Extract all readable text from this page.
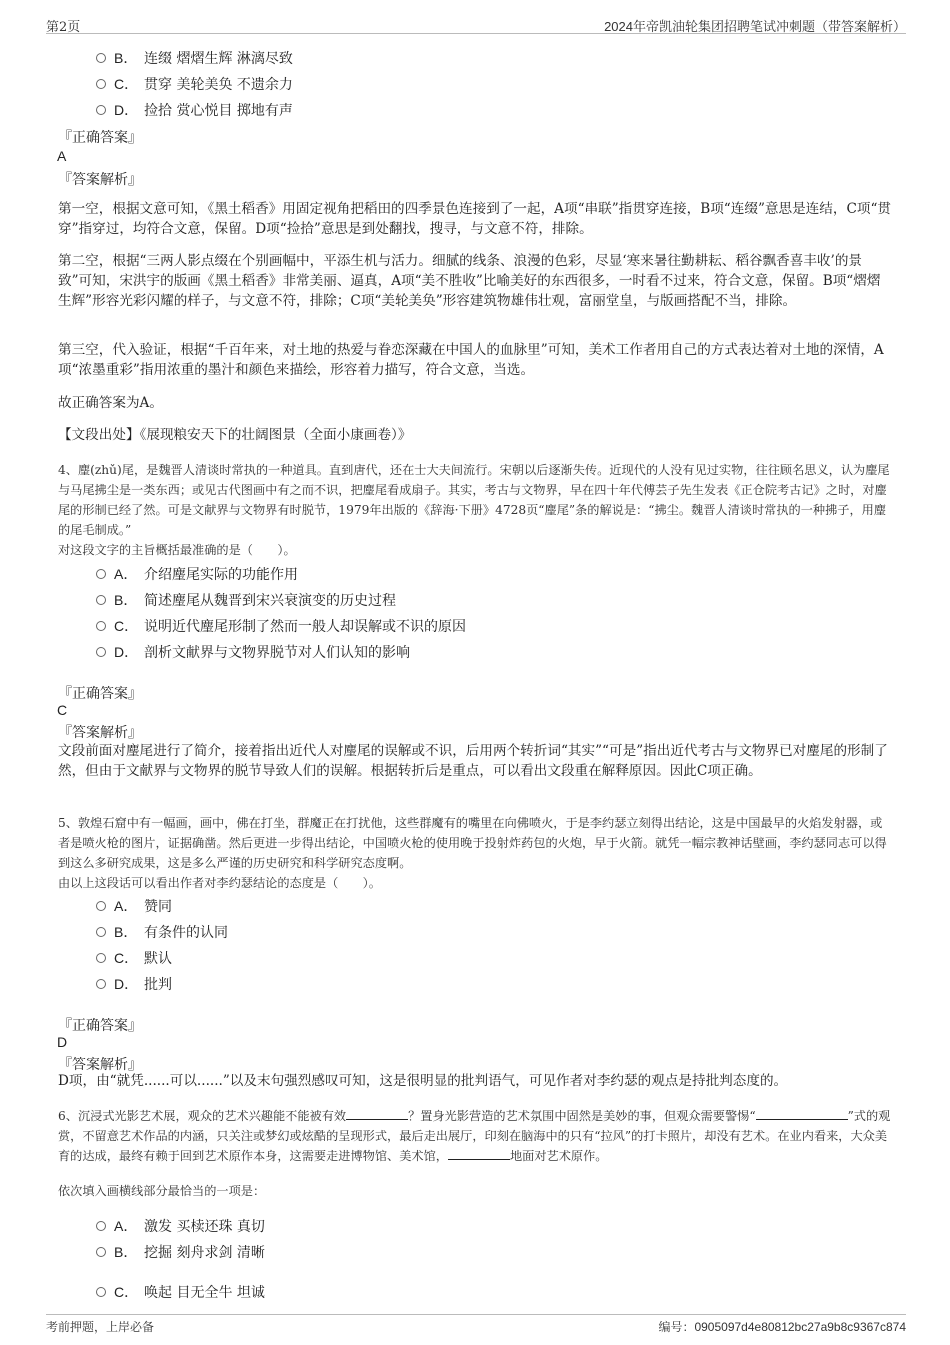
第2页	2024年帝凯油轮集团招聘笔试冲刺题（带答案解析）
B． 连缀 熠熠生辉 淋漓尽致
C． 贯穿 美轮美奂 不遗余力
D． 捡拾 赏心悦目 掷地有声
『正确答案』
A
『答案解析』
第一空，根据文意可知，《黑土稻香》用固定视角把稻田的四季景色连接到了一起，A项“串联”指贯穿连接，B项“连缀”意思是连结，C项“贯穿”指穿过，均符合文意，保留。D项“捡拾”意思是到处翻找，搜寻，与文意不符，排除。
第二空，根据“三两人影点缀在个别画幅中，平添生机与活力。细腻的线条、浪漫的色彩，尽显‘寒来暑往勤耕耘、稻谷飘香喜丰收’的景致”可知，宋洪宇的版画《黑土稻香》非常美丽、逼真，A项“美不胜收”比喻美好的东西很多，一时看不过来，符合文意，保留。B项“熠熠生辉”形容光彩闪耀的样子，与文意不符，排除；C项“美轮美奂”形容建筑物雄伟壮观，富丽堂皇，与版画搭配不当，排除。
第三空，代入验证，根据“千百年来，对土地的热爱与眷恋深藏在中国人的血脉里”可知，美术工作者用自己的方式表达着对土地的深情，A项“浓墨重彩”指用浓重的墨汁和颜色来描绘，形容着力描写，符合文意，当选。
故正确答案为A。
【文段出处】《展现粮安天下的壮阔图景（全面小康画卷）》
4、麈(zhǔ)尾，是魏晋人清谈时常执的一种道具。直到唐代，还在士大夫间流行。宋朝以后逐渐失传。近现代的人没有见过实物，往往顾名思义，认为麈尾与马尾拂尘是一类东西；或见古代图画中有之而不识，把麈尾看成扇子。其实，考古与文物界，早在四十年代傅芸子先生发表《正仓院考古记》之时，对麈尾的形制已经了然。可是文献界与文物界有时脱节，1979年出版的《辞海·下册》4728页“麈尾”条的解说是：“拂尘。魏晋人清谈时常执的一种拂子，用麈的尾毛制成。”
对这段文字的主旨概括最准确的是（　　）。
A． 介绍麈尾实际的功能作用
B． 简述麈尾从魏晋到宋兴衰演变的历史过程
C． 说明近代麈尾形制了然而一般人却误解或不识的原因
D． 剖析文献界与文物界脱节对人们认知的影响
『正确答案』
C
『答案解析』
文段前面对麈尾进行了简介，接着指出近代人对麈尾的误解或不识，后用两个转折词“其实”“可是”指出近代考古与文物界已对麈尾的形制了然，但由于文献界与文物界的脱节导致人们的误解。根据转折后是重点，可以看出文段重在解释原因。因此C项正确。
5、敦煌石窟中有一幅画，画中，佛在打坐，群魔正在打扰他，这些群魔有的嘴里在向佛喷火，于是李约瑟立刻得出结论，这是中国最早的火焰发射器，或者是喷火枪的图片，证据确凿。然后更进一步得出结论，中国喷火枪的使用晚于投射炸药包的火炮，早于火箭。就凭一幅宗教神话壁画，李约瑟同志可以得到这么多研究成果，这是多么严谨的历史研究和科学研究态度啊。
由以上这段话可以看出作者对李约瑟结论的态度是（　　）。
A． 赞同
B． 有条件的认同
C． 默认
D． 批判
『正确答案』
D
『答案解析』
D项，由“就凭......可以......”以及末句强烈感叹可知，这是很明显的批判语气，可见作者对李约瑟的观点是持批判态度的。
6、沉浸式光影艺术展，观众的艺术兴趣能不能被有效	？置身光影营造的艺术氛围中固然是美妙的事，但观众需要警惕“	”式的观赏，不留意艺术作品的内涵，只关注或梦幻或炫酷的呈现形式，最后走出展厅，印刻在脑海中的只有“拉风”的打卡照片，却没有艺术。在业内看来，大众美育的达成，最终有赖于回到艺术原作本身，这需要走进博物馆、美术馆，	地面对艺术原作。
依次填入画横线部分最恰当的一项是：
A． 激发 买椟还珠 真切
B． 挖掘 刻舟求剑 清晰
C． 唤起 目无全牛 坦诚
考前押题，上岸必备	编号：0905097d4e80812bc27a9b8c9367c874
